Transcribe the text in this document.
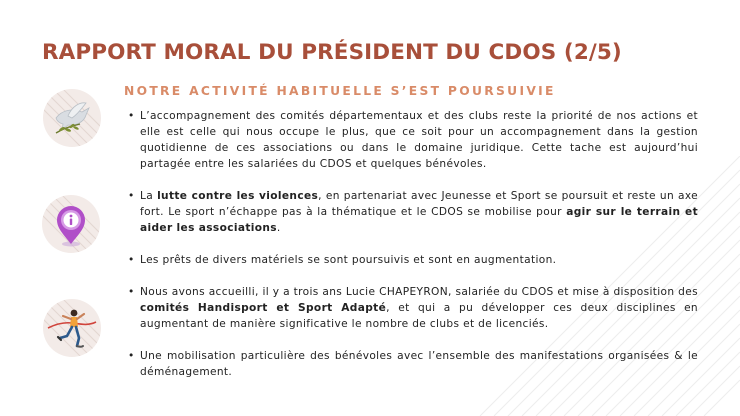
RAPPORT MORAL DU PRÉSIDENT DU CDOS (2/5)
NOTRE ACTIVITÉ HABITUELLE S’EST POURSUIVIE

• L’accompagnement des comités départementaux et des clubs reste la priorité de nos actions et elle est celle qui nous occupe le plus, que ce soit pour un accompagnement dans la gestion quotidienne de ces associations ou dans le domaine juridique. Cette tache est aujourd’hui partagée entre les salariées du CDOS et quelques bénévoles.

• La lutte contre les violences, en partenariat avec Jeunesse et Sport se poursuit et reste un axe fort. Le sport n’échappe pas à la thématique et le CDOS se mobilise pour agir sur le terrain et aider les associations.

• Les prêts de divers matériels se sont poursuivis et sont en augmentation.

• Nous avons accueilli, il y a trois ans Lucie CHAPEYRON, salariée du CDOS et mise à disposition des comités Handisport et Sport Adapté, et qui a pu développer ces deux disciplines en augmentant de manière significative le nombre de clubs et de licenciés.

• Une mobilisation particulière des bénévoles avec l’ensemble des manifestations organisées & le déménagement.
